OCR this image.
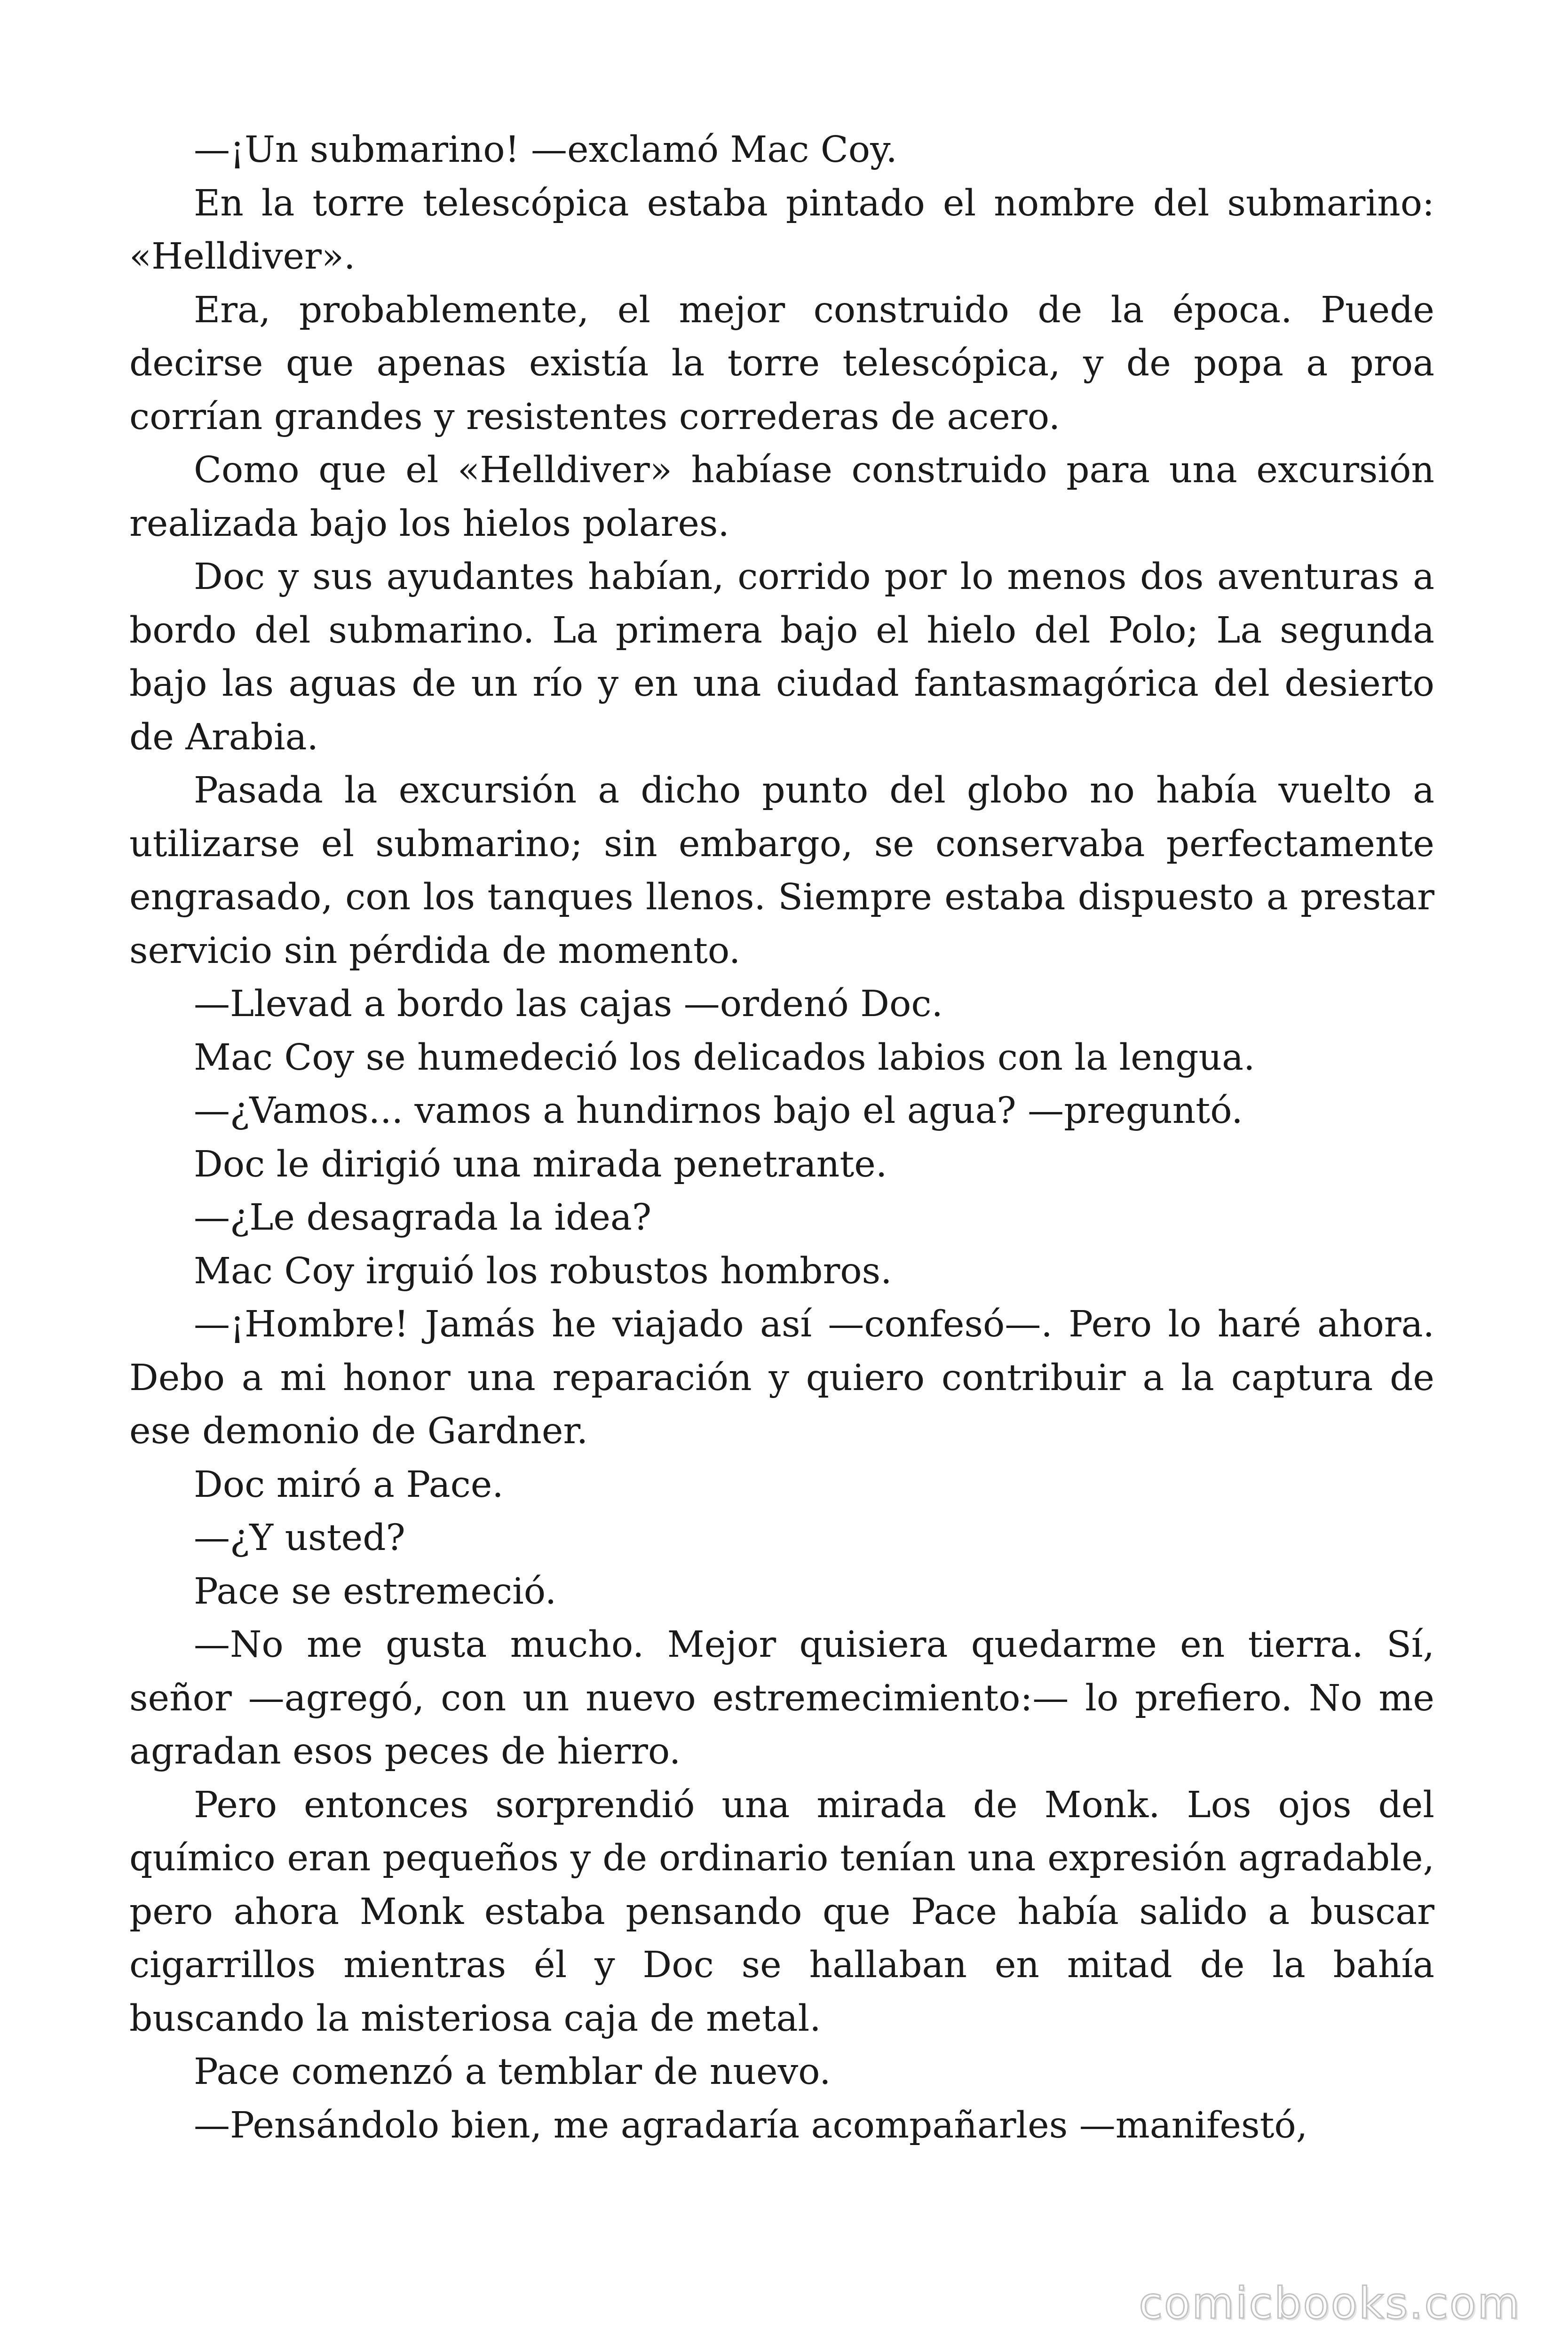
—¡Un submarino! —exclamó Mac Coy.

En la torre telescópica estaba pintado el nombre del submarino: «Helldiver».

Era, probablemente, el mejor construido de la época. Puede decirse que apenas existía la torre telescópica, y de popa a proa corrían grandes y resistentes correderas de acero.

Como que el «Helldiver» habíase construido para una excursión realizada bajo los hielos polares.

Doc y sus ayudantes habían, corrido por lo menos dos aventuras a bordo del submarino. La primera bajo el hielo del Polo; La segunda bajo las aguas de un río y en una ciudad fantasmagórica del desierto de Arabia.

Pasada la excursión a dicho punto del globo no había vuelto a utilizarse el submarino; sin embargo, se conservaba perfectamente engrasado, con los tanques llenos. Siempre estaba dispuesto a prestar servicio sin pérdida de momento.

—Llevad a bordo las cajas —ordenó Doc.

Mac Coy se humedeció los delicados labios con la lengua.

—¿Vamos... vamos a hundirnos bajo el agua? —preguntó.

Doc le dirigió una mirada penetrante.

—¿Le desagrada la idea?

Mac Coy irguió los robustos hombros.

—¡Hombre! Jamás he viajado así —confesó—. Pero lo haré ahora. Debo a mi honor una reparación y quiero contribuir a la captura de ese demonio de Gardner.

Doc miró a Pace.

—¿Y usted?

Pace se estremeció.

—No me gusta mucho. Mejor quisiera quedarme en tierra. Sí, señor —agregó, con un nuevo estremecimiento:— lo prefiero. No me agradan esos peces de hierro.

Pero entonces sorprendió una mirada de Monk. Los ojos del químico eran pequeños y de ordinario tenían una expresión agradable, pero ahora Monk estaba pensando que Pace había salido a buscar cigarrillos mientras él y Doc se hallaban en mitad de la bahía buscando la misteriosa caja de metal.

Pace comenzó a temblar de nuevo.

—Pensándolo bien, me agradaría acompañarles —manifestó,

comicbooks.com
